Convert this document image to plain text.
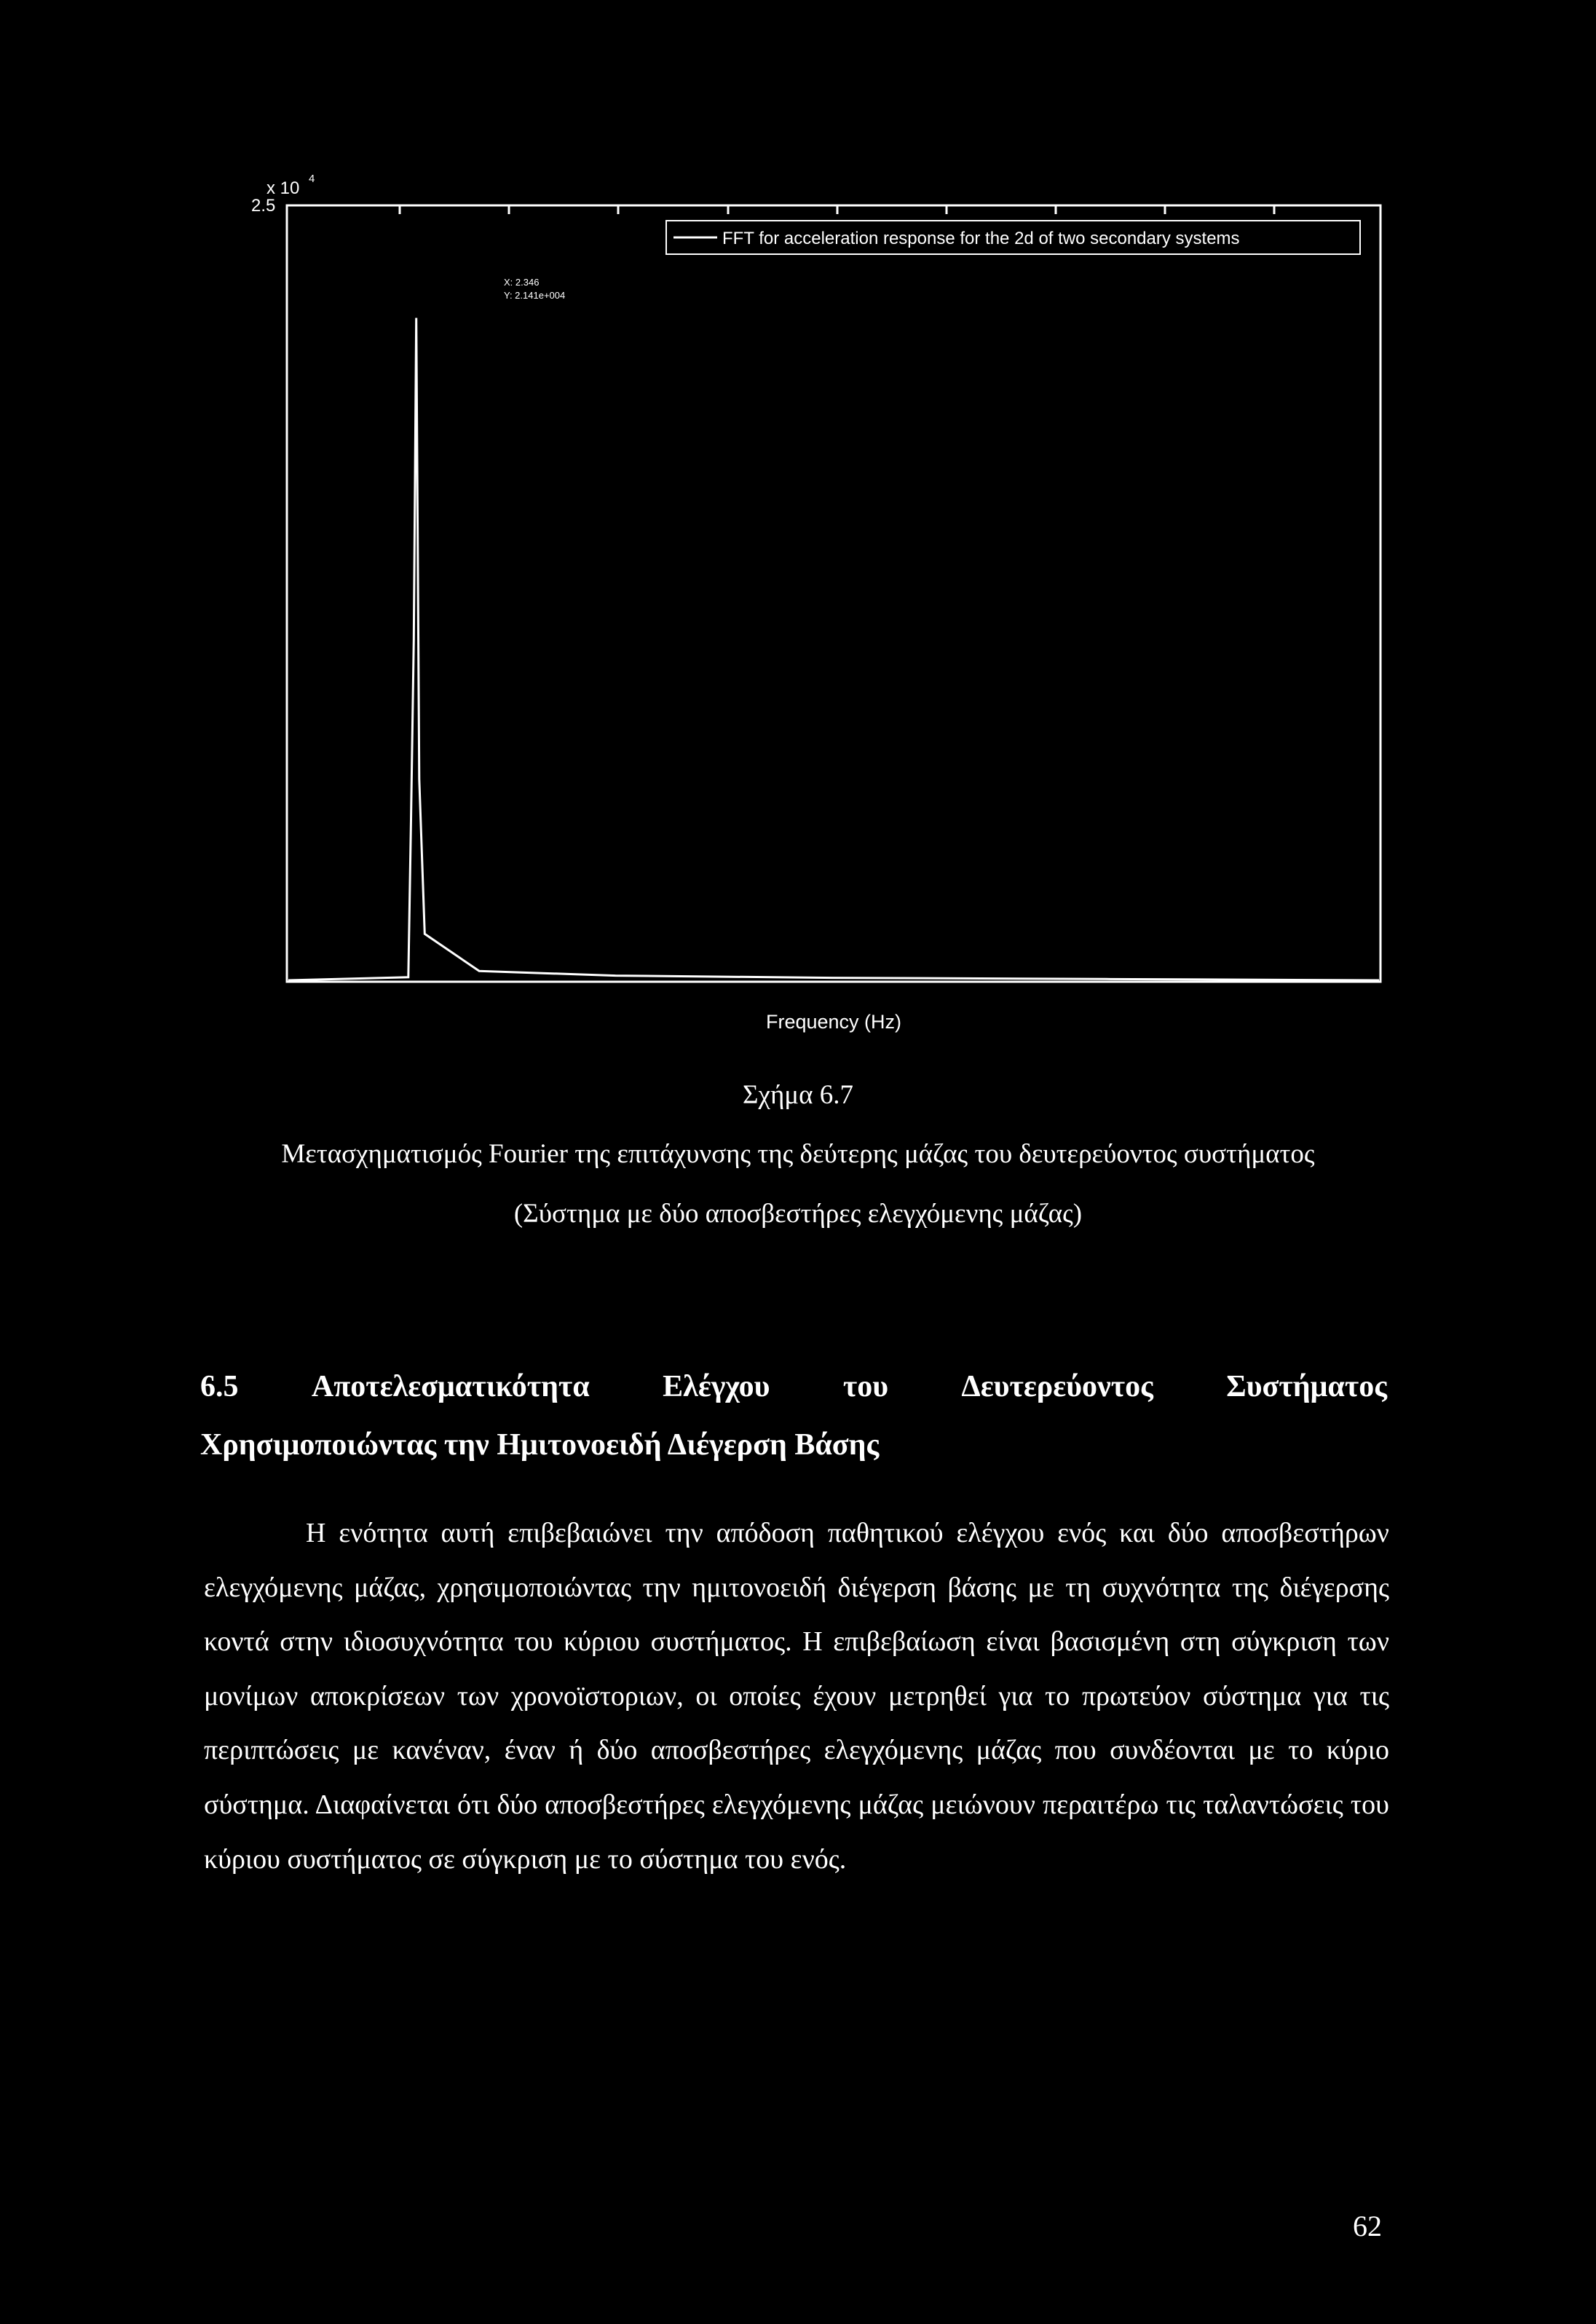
2.5
x 10 4
FFT for acceleration response for the 2d of two secondary systems
X: 2.346
Y: 2.141e+004
Frequency (Hz)
Σχήμα 6.7
Μετασχηματισμός Fourier της επιτάχυνσης της δεύτερης μάζας του δευτερεύοντος συστήματος
(Σύστημα με δύο αποσβεστήρες ελεγχόμενης μάζας)
6.5 Αποτελεσματικότητα Ελέγχου του Δευτερεύοντος Συστήματος
Χρησιμοποιώντας την Ημιτονοειδή Διέγερση Βάσης

Η ενότητα αυτή επιβεβαιώνει την απόδοση παθητικού ελέγχου ενός και δύο αποσβεστήρων ελεγχόμενης μάζας, χρησιμοποιώντας την ημιτονοειδή διέγερση βάσης με τη συχνότητα της διέγερσης κοντά στην ιδιοσυχνότητα του κύριου συστήματος. Η επιβεβαίωση είναι βασισμένη στη σύγκριση των μονίμων αποκρίσεων των χρονοϊστοριων, οι οποίες έχουν μετρηθεί για το πρωτεύον σύστημα για τις περιπτώσεις με κανέναν, έναν ή δύο αποσβεστήρες ελεγχόμενης μάζας που συνδέονται με το κύριο σύστημα. Διαφαίνεται ότι δύο αποσβεστήρες ελεγχόμενης μάζας μειώνουν περαιτέρω τις ταλαντώσεις του κύριου συστήματος σε σύγκριση με το σύστημα του ενός.

62
